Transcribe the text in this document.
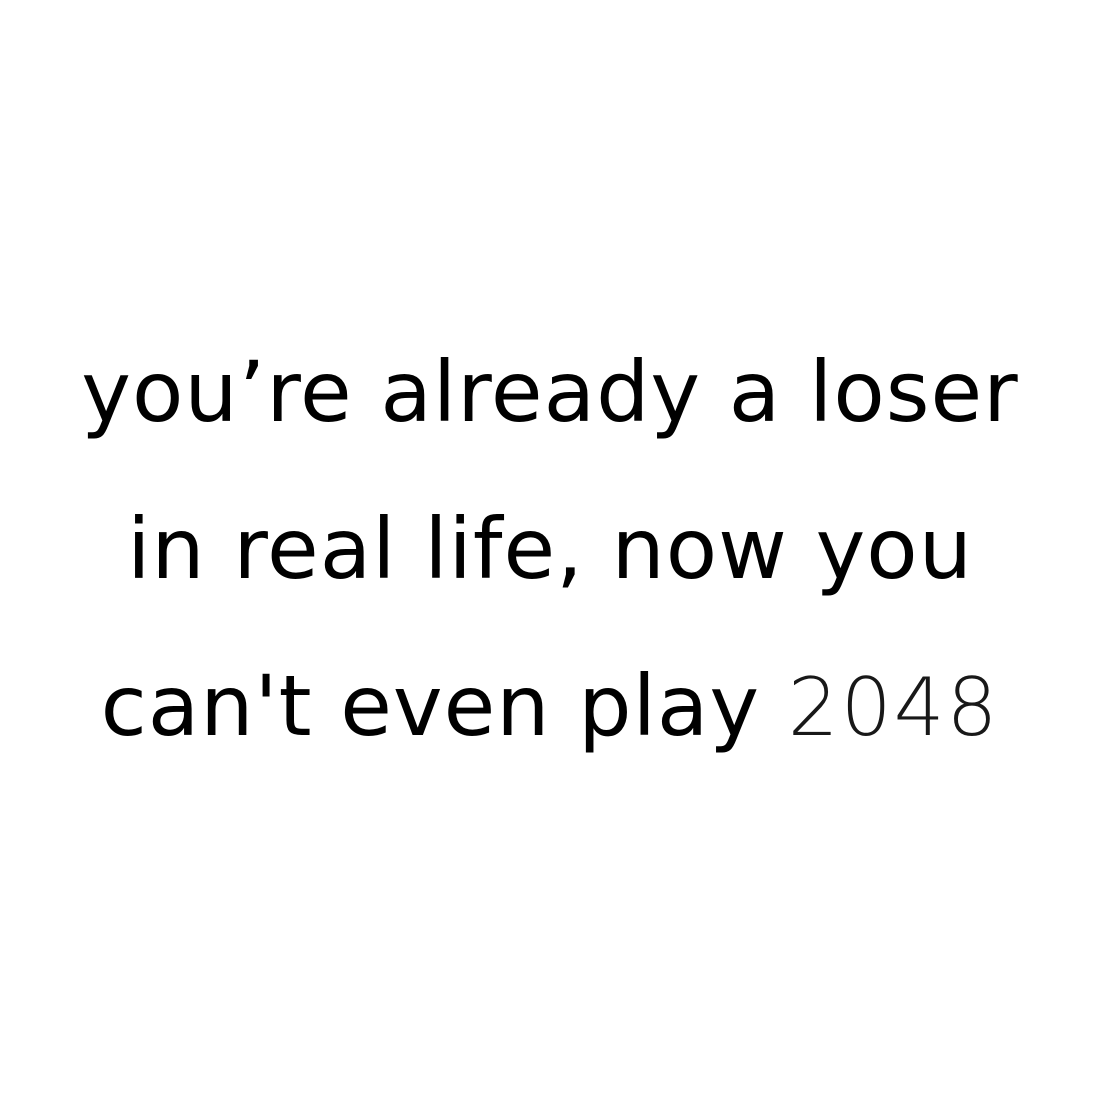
you’re already a loser
in real life, now you
can't even play 2048
